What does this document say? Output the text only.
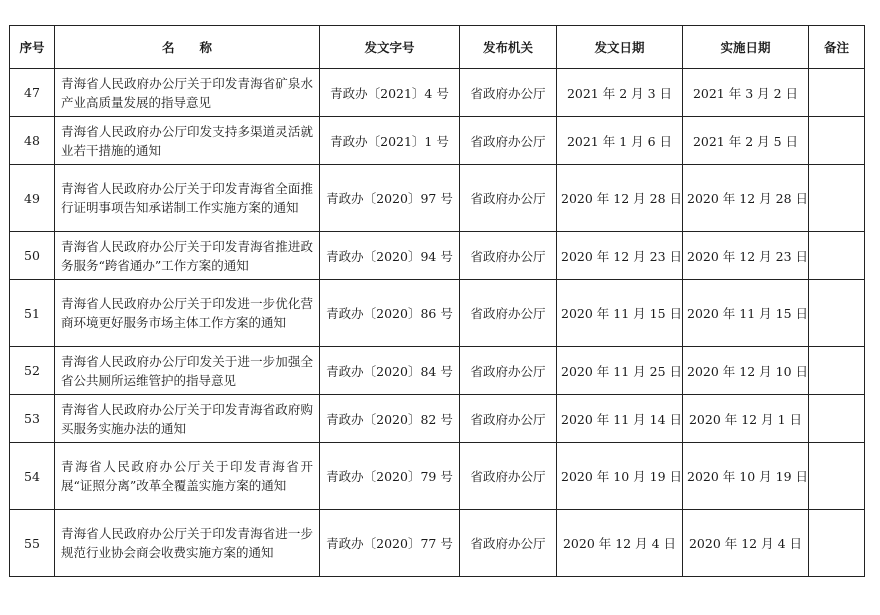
序号	名　　称	发文字号	发布机关	发文日期	实施日期	备注
47	青海省人民政府办公厅关于印发青海省矿泉水产业高质量发展的指导意见	青政办〔2021〕4 号	省政府办公厅	2021 年 2 月 3 日	2021 年 3 月 2 日	
48	青海省人民政府办公厅印发支持多渠道灵活就业若干措施的通知	青政办〔2021〕1 号	省政府办公厅	2021 年 1 月 6 日	2021 年 2 月 5 日	
49	青海省人民政府办公厅关于印发青海省全面推行证明事项告知承诺制工作实施方案的通知	青政办〔2020〕97 号	省政府办公厅	2020 年 12 月 28 日	2020 年 12 月 28 日	
50	青海省人民政府办公厅关于印发青海省推进政务服务“跨省通办”工作方案的通知	青政办〔2020〕94 号	省政府办公厅	2020 年 12 月 23 日	2020 年 12 月 23 日	
51	青海省人民政府办公厅关于印发进一步优化营商环境更好服务市场主体工作方案的通知	青政办〔2020〕86 号	省政府办公厅	2020 年 11 月 15 日	2020 年 11 月 15 日	
52	青海省人民政府办公厅印发关于进一步加强全省公共厕所运维管护的指导意见	青政办〔2020〕84 号	省政府办公厅	2020 年 11 月 25 日	2020 年 12 月 10 日	
53	青海省人民政府办公厅关于印发青海省政府购买服务实施办法的通知	青政办〔2020〕82 号	省政府办公厅	2020 年 11 月 14 日	2020 年 12 月 1 日	
54	青海省人民政府办公厅关于印发青海省开展“证照分离”改革全覆盖实施方案的通知	青政办〔2020〕79 号	省政府办公厅	2020 年 10 月 19 日	2020 年 10 月 19 日	
55	青海省人民政府办公厅关于印发青海省进一步规范行业协会商会收费实施方案的通知	青政办〔2020〕77 号	省政府办公厅	2020 年 12 月 4 日	2020 年 12 月 4 日	
